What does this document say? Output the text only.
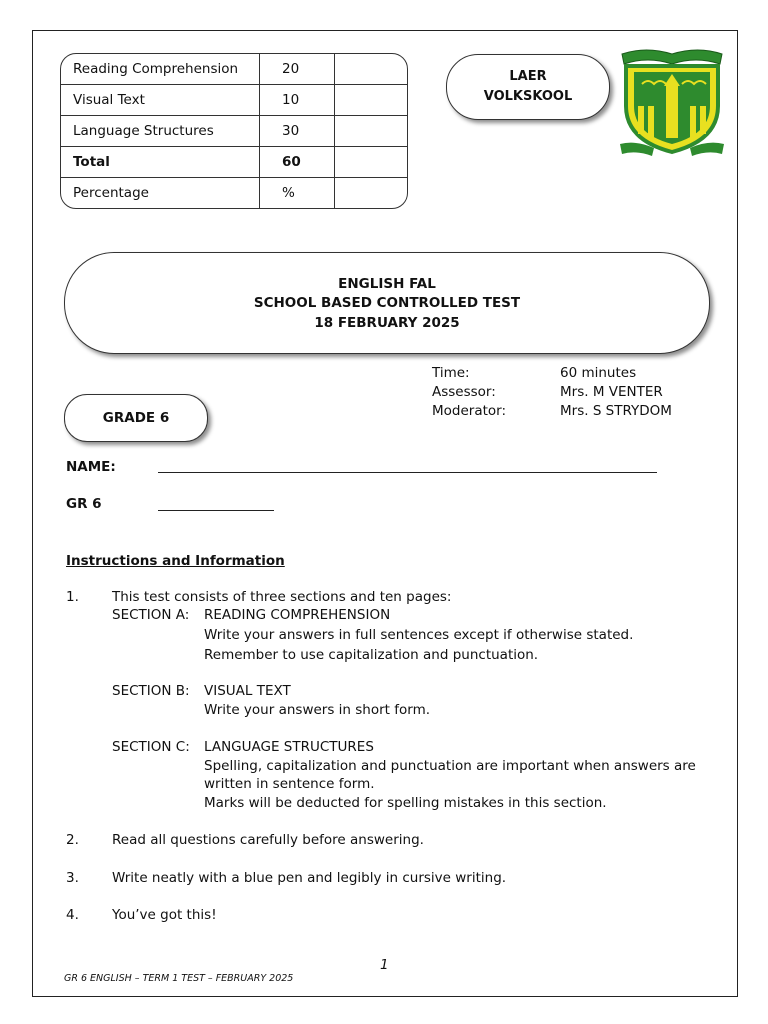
Reading Comprehension	20	
Visual Text	10	
Language Structures	30	
Total	60	
Percentage	%	
LAER
VOLKSKOOL
ENGLISH FAL
SCHOOL BASED CONTROLLED TEST
18 FEBRUARY 2025
Time:	60 minutes
Assessor:	Mrs. M VENTER
Moderator:	Mrs. S STRYDOM
GRADE 6
NAME:
GR 6
Instructions and Information
1. This test consists of three sections and ten pages:
SECTION A: READING COMPREHENSION
Write your answers in full sentences except if otherwise stated.
Remember to use capitalization and punctuation.
SECTION B: VISUAL TEXT
Write your answers in short form.
SECTION C: LANGUAGE STRUCTURES
Spelling, capitalization and punctuation are important when answers are
written in sentence form.
Marks will be deducted for spelling mistakes in this section.
2. Read all questions carefully before answering.
3. Write neatly with a blue pen and legibly in cursive writing.
4. You’ve got this!
1
GR 6 ENGLISH – TERM 1 TEST – FEBRUARY 2025
